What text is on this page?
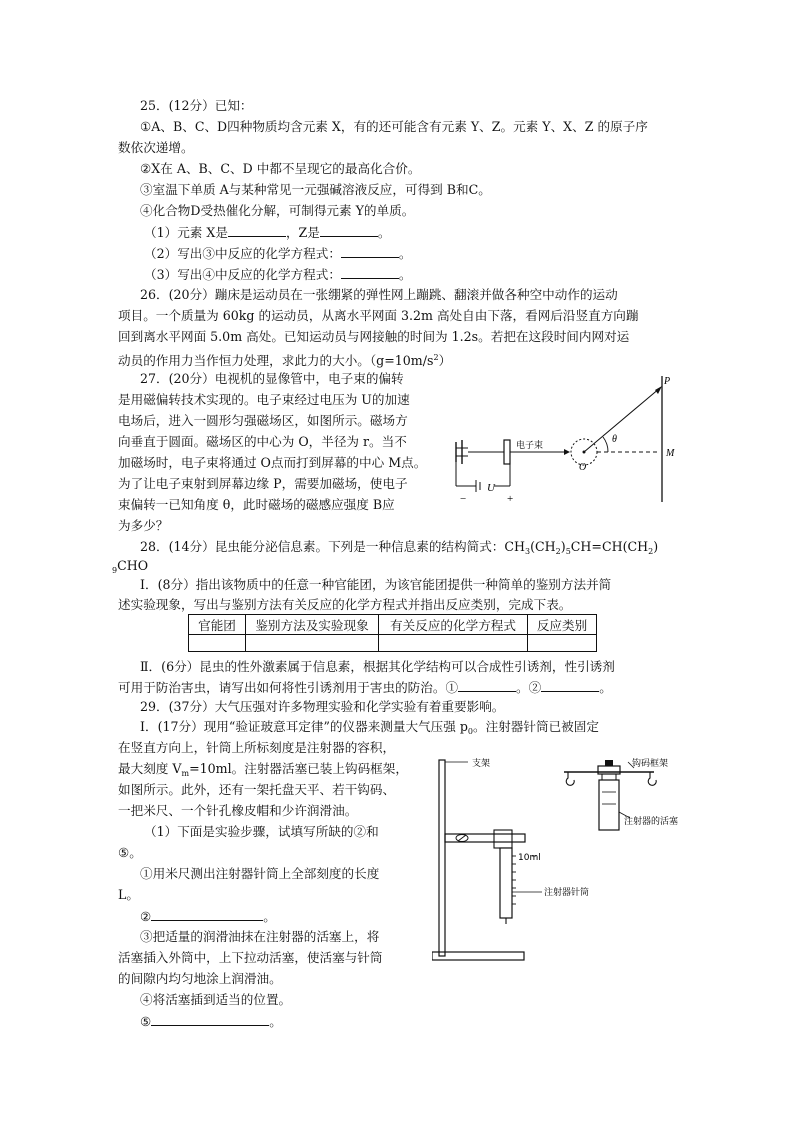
25．(12分）已知：
①A、B、C、D四种物质均含元素 X，有的还可能含有元素 Y、Z。元素 Y、X、Z 的原子序
数依次递增。
②X在 A、B、C、D 中都不呈现它的最高化合价。
③室温下单质 A与某种常见一元强碱溶液反应，可得到 B和C。
④化合物D受热催化分解，可制得元素 Y的单质。
（1）元素 X是	，Z是	。
（2）写出③中反应的化学方程式：	。
（3）写出④中反应的化学方程式：	。
26．(20分）蹦床是运动员在一张绷紧的弹性网上蹦跳、翻滚并做各种空中动作的运动
项目。一个质量为 60kg 的运动员，从离水平网面 3.2m 高处自由下落，看网后沿竖直方向蹦
回到离水平网面 5.0m 高处。已知运动员与网接触的时间为 1.2s。若把在这段时间内网对运
动员的作用力当作恒力处理，求此力的大小。$(g=10m/s^2)$
27．(20分）电视机的显像管中，电子束的偏转
是用磁偏转技术实现的。电子束经过电压为 U的加速
电场后，进入一圆形匀强磁场区，如图所示。磁场方
向垂直于圆面。磁场区的中心为 O，半径为 r。当不
加磁场时，电子束将通过 O点而打到屏幕的中心 M点。
为了让电子束射到屏幕边缘 P，需要加磁场，使电子
束偏转一已知角度 θ，此时磁场的磁感应强度 B应
为多少？
U
−	+
电子束
O
P
M
θ
28．(14分）昆虫能分泌信息素。下列是一种信息素的结构简式：$CH_3(CH_2)_5CH=CH(CH_2)$
$_9$CHO
Ⅰ．(8分）指出该物质中的任意一种官能团，为该官能团提供一种简单的鉴别方法并简
述实验现象，写出与鉴别方法有关反应的化学方程式并指出反应类别，完成下表。
官能团	鉴别方法及实验现象	有关反应的化学方程式	反应类别

Ⅱ．(6分）昆虫的性外激素属于信息素，根据其化学结构可以合成性引诱剂，性引诱剂
可用于防治害虫，请写出如何将性引诱剂用于害虫的防治。①	。②	。
29．(37分）大气压强对许多物理实验和化学实验有着重要影响。
Ⅰ．(17分）现用“验证玻意耳定律”的仪器来测量大气压强 $p_0$。注射器针筒已被固定
在竖直方向上，针筒上所标刻度是注射器的容积，
最大刻度 $V_m=10ml$。注射器活塞已装上钩码框架，
如图所示。此外，还有一架托盘天平、若干钩码、
一把米尺、一个针孔橡皮帽和少许润滑油。
（1）下面是实验步骤，试填写所缺的②和
⑤。
①用米尺测出注射器针筒上全部刻度的长度
L。
②	。
③把适量的润滑油抹在注射器的活塞上，将
活塞插入外筒中，上下拉动活塞，使活塞与针筒
的间隙内均匀地涂上润滑油。
④将活塞插到适当的位置。
⑤	。
支架
10ml
注射器针筒
钩码框架
注射器的活塞
